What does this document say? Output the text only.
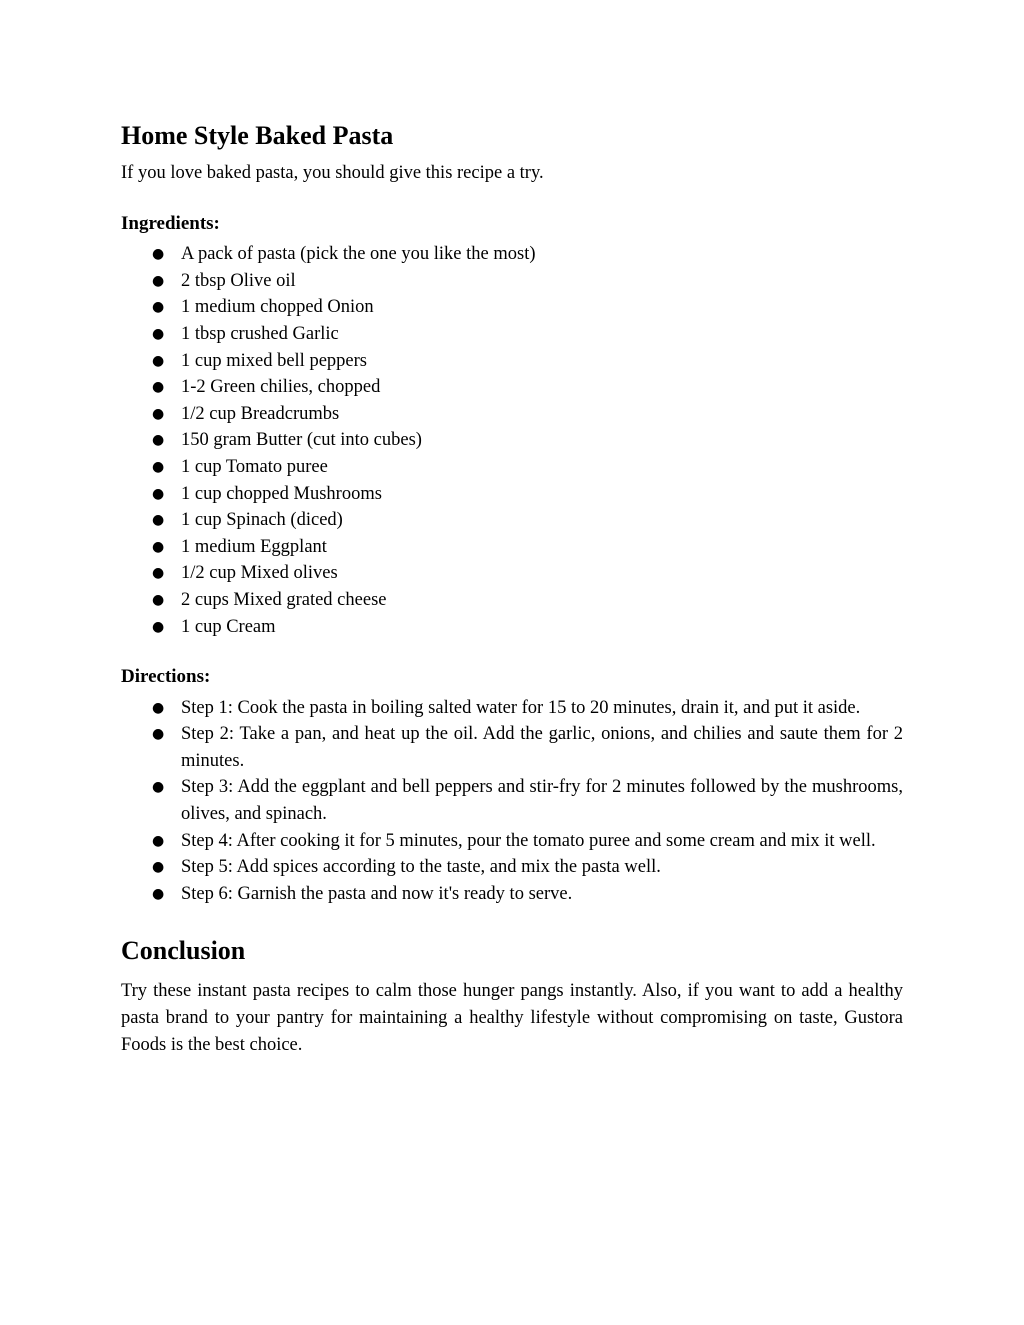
Home Style Baked Pasta

If you love baked pasta, you should give this recipe a try.

Ingredients:
● A pack of pasta (pick the one you like the most)
● 2 tbsp Olive oil
● 1 medium chopped Onion
● 1 tbsp crushed Garlic
● 1 cup mixed bell peppers
● 1-2 Green chilies, chopped
● 1/2 cup Breadcrumbs
● 150 gram Butter (cut into cubes)
● 1 cup Tomato puree
● 1 cup chopped Mushrooms
● 1 cup Spinach (diced)
● 1 medium Eggplant
● 1/2 cup Mixed olives
● 2 cups Mixed grated cheese
● 1 cup Cream
Directions:
● Step 1: Cook the pasta in boiling salted water for 15 to 20 minutes, drain it, and put it aside.
● Step 2: Take a pan, and heat up the oil. Add the garlic, onions, and chilies and saute them for 2 minutes.
● Step 3: Add the eggplant and bell peppers and stir-fry for 2 minutes followed by the mushrooms, olives, and spinach.
● Step 4: After cooking it for 5 minutes, pour the tomato puree and some cream and mix it well.
● Step 5: Add spices according to the taste, and mix the pasta well.
● Step 6: Garnish the pasta and now it's ready to serve.
Conclusion

Try these instant pasta recipes to calm those hunger pangs instantly. Also, if you want to add a healthy pasta brand to your pantry for maintaining a healthy lifestyle without compromising on taste, Gustora Foods is the best choice.
